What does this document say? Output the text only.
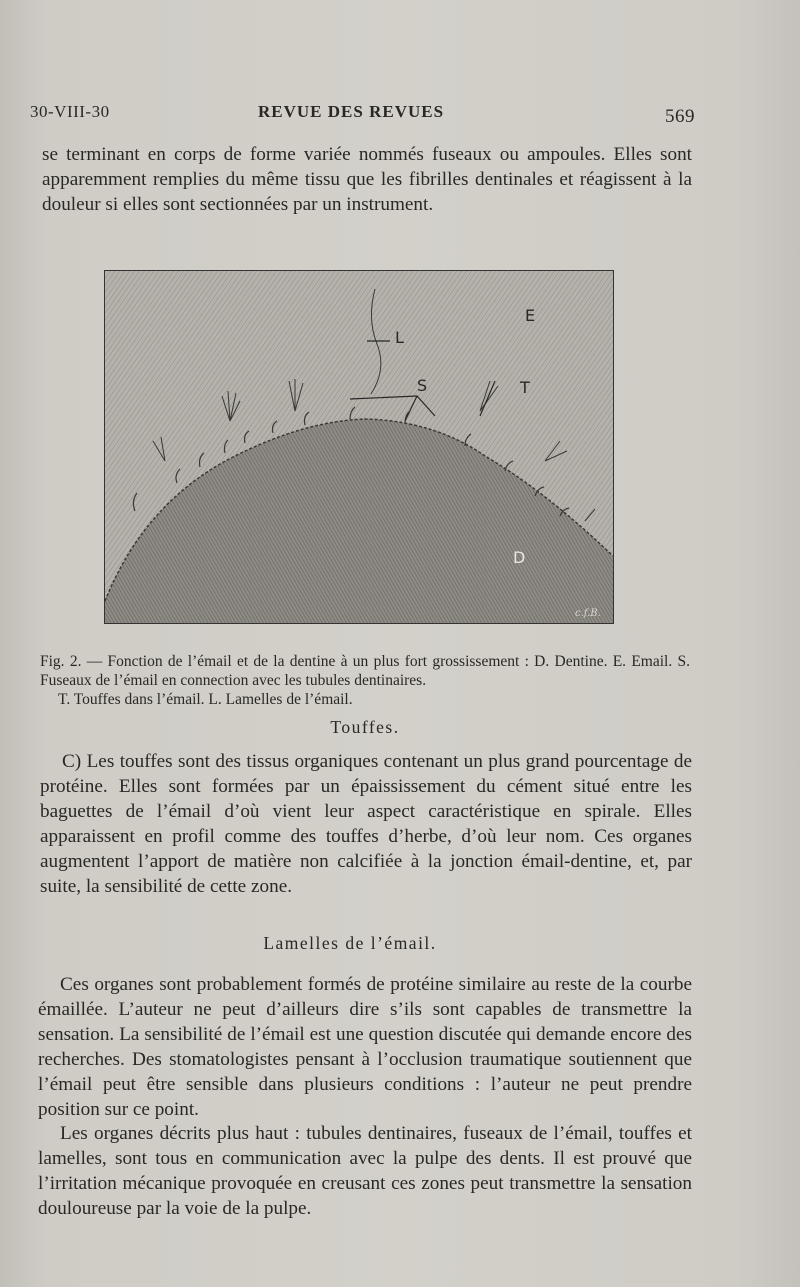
30-VIII-30	REVUE DES REVUES	569
se terminant en corps de forme variée nommés fuseaux ou ampoules. Elles sont apparemment remplies du même tissu que les fibrilles dentinales et réagissent à la douleur si elles sont sectionnées par un instrument.
L
E
S	T
D
c.f.B.
Fig. 2. — Fonction de l’émail et de la dentine à un plus fort grossissement : D. Dentine. E. Email. S. Fuseaux de l’émail en connection avec les tubules dentinaires.
T. Touffes dans l’émail. L. Lamelles de l’émail.
Touffes.
C) Les touffes sont des tissus organiques contenant un plus grand pourcentage de protéine. Elles sont formées par un épaississement du cément situé entre les baguettes de l’émail d’où vient leur aspect caractéristique en spirale. Elles apparaissent en profil comme des touffes d’herbe, d’où leur nom. Ces organes augmentent l’apport de matière non calcifiée à la jonction émail-dentine, et, par suite, la sensibilité de cette zone.
Lamelles de l’émail.
Ces organes sont probablement formés de protéine similaire au reste de la courbe émaillée. L’auteur ne peut d’ailleurs dire s’ils sont capables de transmettre la sensation. La sensibilité de l’émail est une question discutée qui demande encore des recherches. Des stomatologistes pensant à l’occlusion traumatique soutiennent que l’émail peut être sensible dans plusieurs conditions : l’auteur ne peut prendre position sur ce point.
Les organes décrits plus haut : tubules dentinaires, fuseaux de l’émail, touffes et lamelles, sont tous en communication avec la pulpe des dents. Il est prouvé que l’irritation mécanique provoquée en creusant ces zones peut transmettre la sensation douloureuse par la voie de la pulpe.
